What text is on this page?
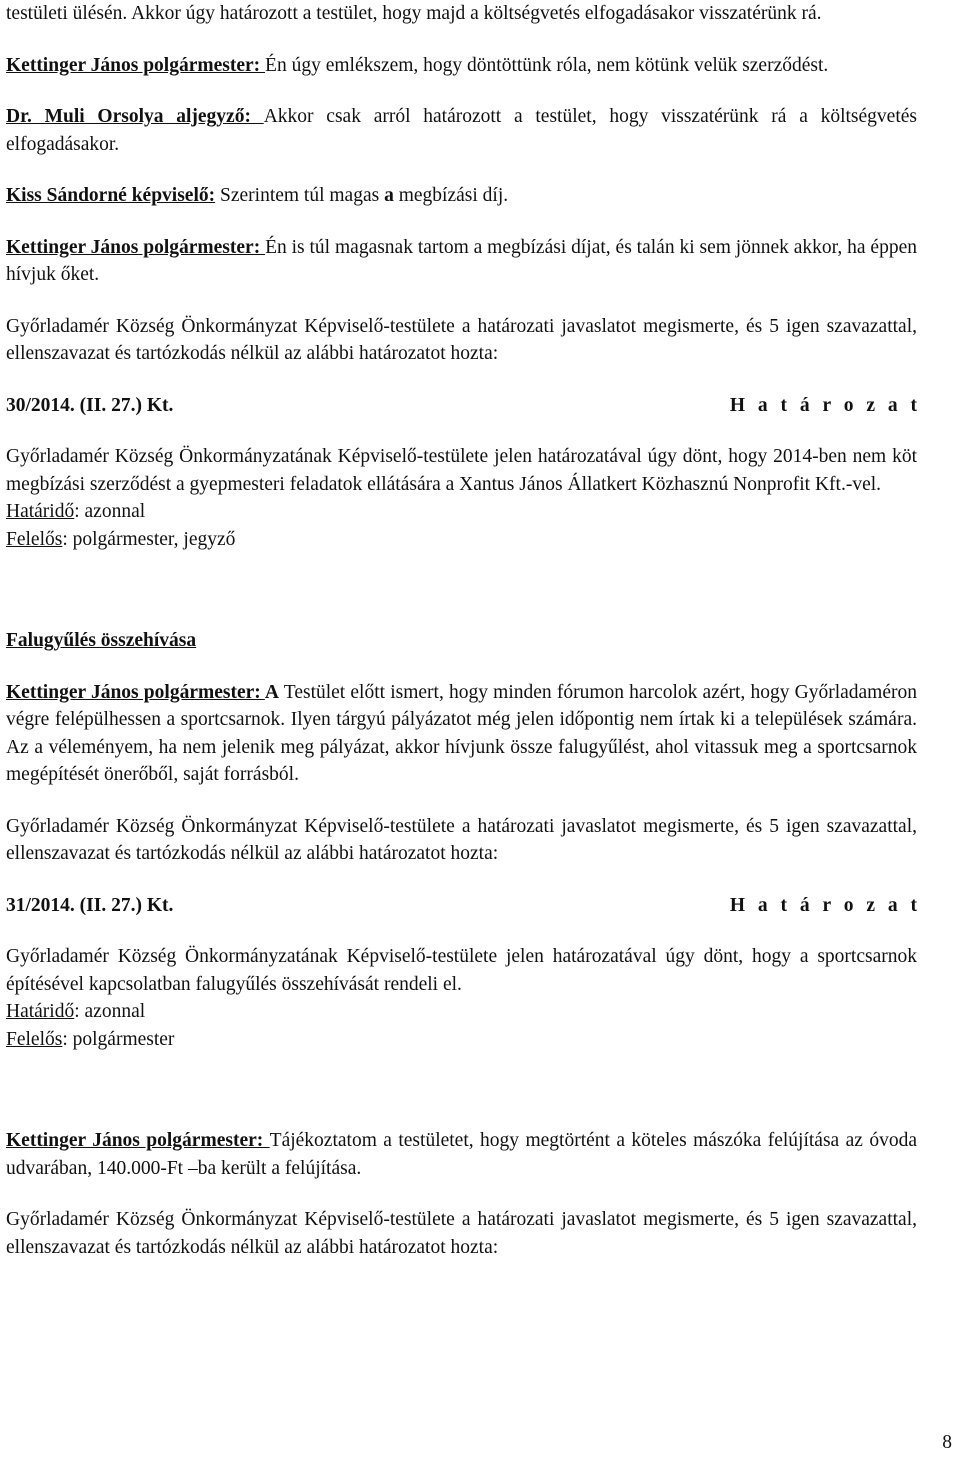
testületi ülésén. Akkor úgy határozott a testület, hogy majd a költségvetés elfogadásakor visszatérünk rá.

Kettinger János polgármester: Én úgy emlékszem, hogy döntöttünk róla, nem kötünk velük szerződést.

Dr. Muli Orsolya aljegyző: Akkor csak arról határozott a testület, hogy visszatérünk rá a költségvetés elfogadásakor.

Kiss Sándorné képviselő: Szerintem túl magas a megbízási díj.

Kettinger János polgármester: Én is túl magasnak tartom a megbízási díjat, és talán ki sem jönnek akkor, ha éppen hívjuk őket.

Győrladamér Község Önkormányzat Képviselő-testülete a határozati javaslatot megismerte, és 5 igen szavazattal, ellenszavazat és tartózkodás nélkül az alábbi határozatot hozta:

30/2014. (II. 27.) Kt.	H a t á r o z a t

Győrladamér Község Önkormányzatának Képviselő-testülete jelen határozatával úgy dönt, hogy 2014-ben nem köt megbízási szerződést a gyepmesteri feladatok ellátására a Xantus János Állatkert Közhasznú Nonprofit Kft.-vel.

Határidő: azonnal

Felelős: polgármester, jegyző

Falugyűlés összehívása

Kettinger János polgármester: A Testület előtt ismert, hogy minden fórumon harcolok azért, hogy Győrladaméron végre felépülhessen a sportcsarnok. Ilyen tárgyú pályázatot még jelen időpontig nem írtak ki a települések számára. Az a véleményem, ha nem jelenik meg pályázat, akkor hívjunk össze falugyűlést, ahol vitassuk meg a sportcsarnok megépítését önerőből, saját forrásból.

Győrladamér Község Önkormányzat Képviselő-testülete a határozati javaslatot megismerte, és 5 igen szavazattal, ellenszavazat és tartózkodás nélkül az alábbi határozatot hozta:

31/2014. (II. 27.) Kt.	H a t á r o z a t

Győrladamér Község Önkormányzatának Képviselő-testülete jelen határozatával úgy dönt, hogy a sportcsarnok építésével kapcsolatban falugyűlés összehívását rendeli el.

Határidő: azonnal

Felelős: polgármester

Kettinger János polgármester: Tájékoztatom a testületet, hogy megtörtént a köteles mászóka felújítása az óvoda udvarában, 140.000-Ft –ba került a felújítása.

Győrladamér Község Önkormányzat Képviselő-testülete a határozati javaslatot megismerte, és 5 igen szavazattal, ellenszavazat és tartózkodás nélkül az alábbi határozatot hozta:

8
